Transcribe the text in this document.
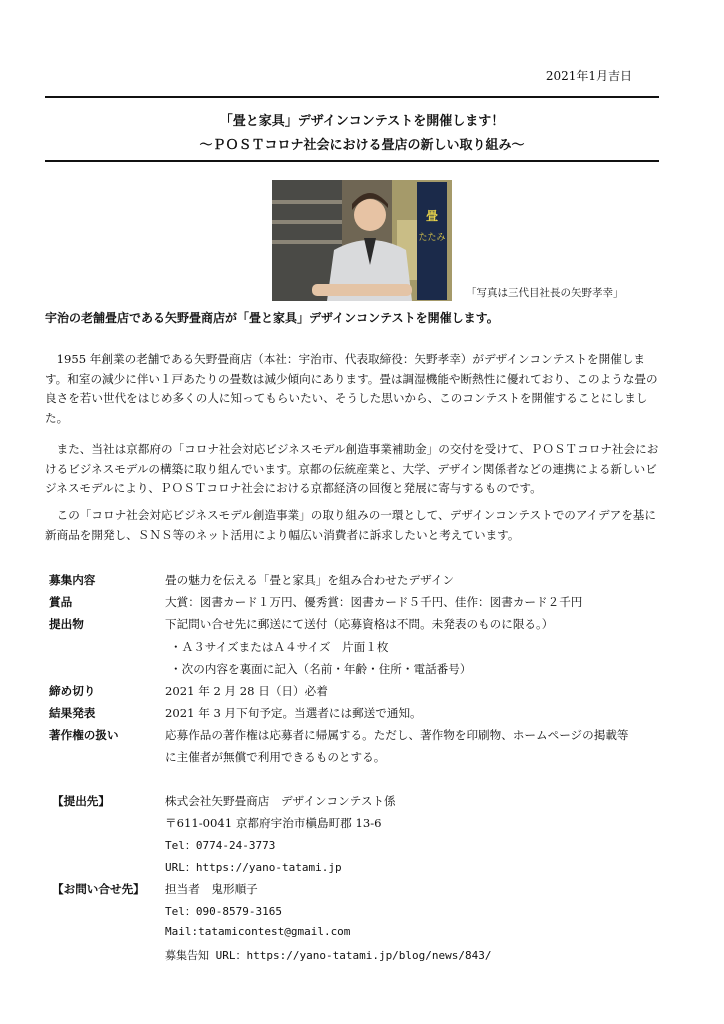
2021年1月吉日
「畳と家具」デザインコンテストを開催します！
〜ＰＯＳＴコロナ社会における畳店の新しい取り組み〜
畳
たたみ
「写真は三代目社長の矢野孝幸」
宇治の老舗畳店である矢野畳商店が「畳と家具」デザインコンテストを開催します。

1955 年創業の老舗である矢野畳商店（本社：宇治市、代表取締役：矢野孝幸）がデザインコンテストを開催します。和室の減少に伴い１戸あたりの畳数は減少傾向にあります。畳は調湿機能や断熱性に優れており、このような畳の良さを若い世代をはじめ多くの人に知ってもらいたい、そうした思いから、このコンテストを開催することにしました。

また、当社は京都府の「コロナ社会対応ビジネスモデル創造事業補助金」の交付を受けて、ＰＯＳＴコロナ社会におけるビジネスモデルの構築に取り組んでいます。京都の伝統産業と、大学、デザイン関係者などの連携による新しいビジネスモデルにより、ＰＯＳＴコロナ社会における京都経済の回復と発展に寄与するものです。

この「コロナ社会対応ビジネスモデル創造事業」の取り組みの一環として、デザインコンテストでのアイデアを基に新商品を開発し、ＳＮＳ等のネット活用により幅広い消費者に訴求したいと考えています。

募集内容	畳の魅力を伝える「畳と家具」を組み合わせたデザイン
賞品	大賞：図書カード１万円、優秀賞：図書カード５千円、佳作：図書カード２千円
提出物	下記問い合せ先に郵送にて送付（応募資格は不問。未発表のものに限る。）
・Ａ３サイズまたはＡ４サイズ　片面１枚
・次の内容を裏面に記入（名前・年齢・住所・電話番号）
締め切り	2021 年 2 月 28 日（日）必着
結果発表	2021 年 3 月下旬予定。当選者には郵送で通知。
著作権の扱い	応募作品の著作権は応募者に帰属する。ただし、著作物を印刷物、ホームページの掲載等
に主催者が無償で利用できるものとする。
【提出先】	株式会社矢野畳商店　デザインコンテスト係
〒611-0041 京都府宇治市槇島町郡 13-6
Tel：0774-24-3773
URL：https://yano-tatami.jp
【お問い合せ先】 担当者　鬼形順子
Tel：090-8579-3165
Mail:tatamicontest@gmail.com
募集告知 URL：https://yano-tatami.jp/blog/news/843/
